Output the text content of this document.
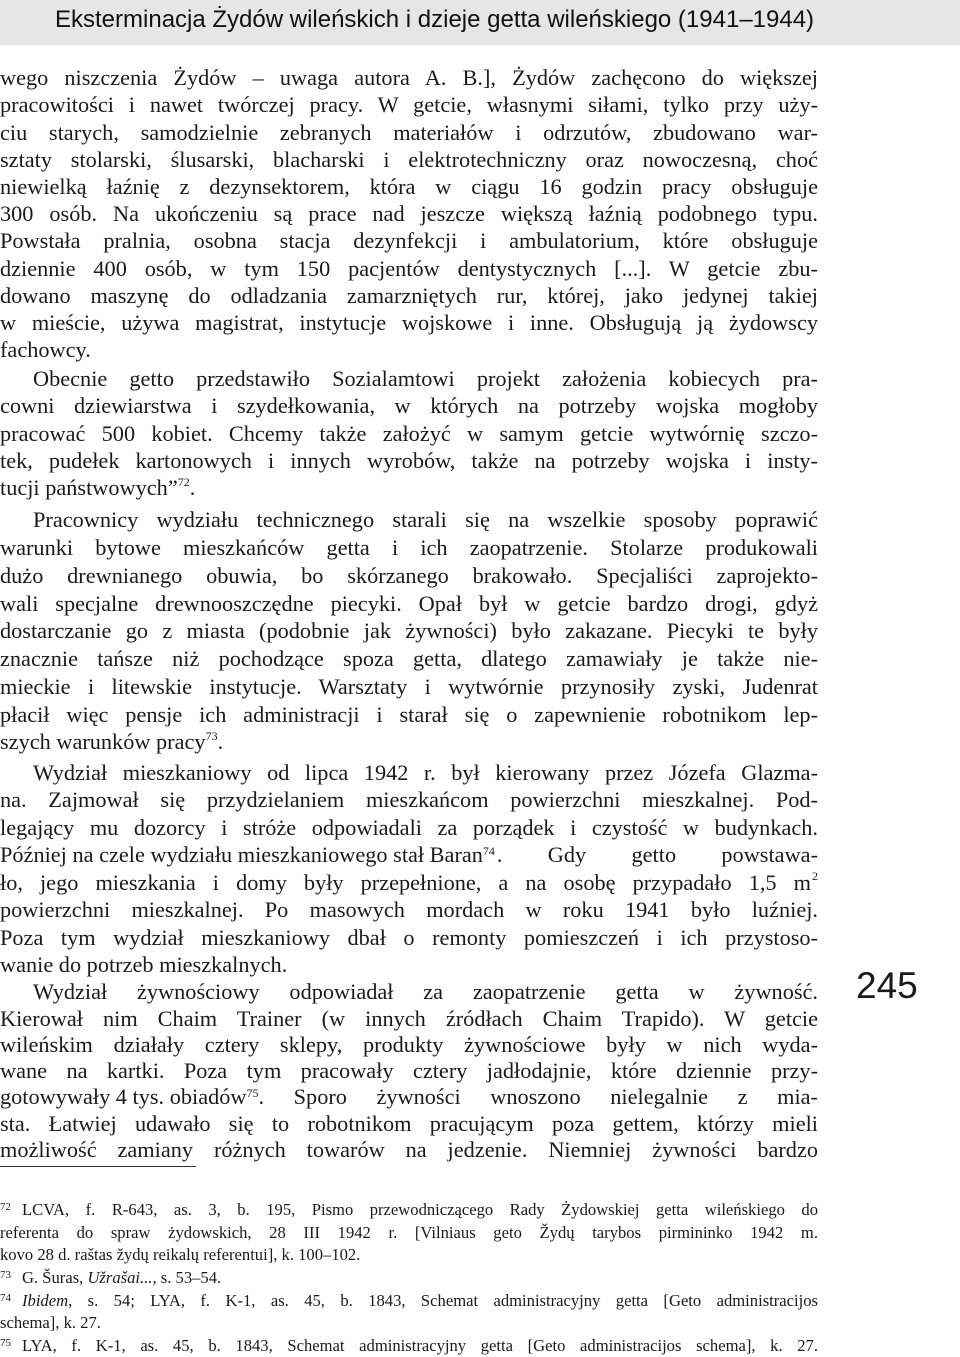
Eksterminacja Żydów wileńskich i dzieje getta wileńskiego (1941–1944)
wego niszczenia Żydów – uwaga autora A. B.], Żydów zachęcono do większej
pracowitości i nawet twórczej pracy. W getcie, własnymi siłami, tylko przy uży-
ciu starych, samodzielnie zebranych materiałów i odrzutów, zbudowano war-
sztaty stolarski, ślusarski, blacharski i elektrotechniczny oraz nowoczesną, choć
niewielką łaźnię z dezynsektorem, która w ciągu 16 godzin pracy obsługuje
300 osób. Na ukończeniu są prace nad jeszcze większą łaźnią podobnego typu.
Powstała pralnia, osobna stacja dezynfekcji i ambulatorium, które obsługuje
dziennie 400 osób, w tym 150 pacjentów dentystycznych [...]. W getcie zbu-
dowano maszynę do odladzania zamarzniętych rur, której, jako jedynej takiej
w mieście, używa magistrat, instytucje wojskowe i inne. Obsługują ją żydowscy
fachowcy.
Obecnie getto przedstawiło Sozialamtowi projekt założenia kobiecych pra-
cowni dziewiarstwa i szydełkowania, w których na potrzeby wojska mogłoby
pracować 500 kobiet. Chcemy także założyć w samym getcie wytwórnię szczo-
tek, pudełek kartonowych i innych wyrobów, także na potrzeby wojska i insty-
tucji państwowych”$^{72}$.
Pracownicy wydziału technicznego starali się na wszelkie sposoby poprawić
warunki bytowe mieszkańców getta i ich zaopatrzenie. Stolarze produkowali
dużo drewnianego obuwia, bo skórzanego brakowało. Specjaliści zaprojekto-
wali specjalne drewnooszczędne piecyki. Opał był w getcie bardzo drogi, gdyż
dostarczanie go z miasta (podobnie jak żywności) było zakazane. Piecyki te były
znacznie tańsze niż pochodzące spoza getta, dlatego zamawiały je także nie-
mieckie i litewskie instytucje. Warsztaty i wytwórnie przynosiły zyski, Judenrat
płacił więc pensje ich administracji i starał się o zapewnienie robotnikom lep-
szych warunków pracy$^{73}$.
Wydział mieszkaniowy od lipca 1942 r. był kierowany przez Józefa Glazma-
na. Zajmował się przydzielaniem mieszkańcom powierzchni mieszkalnej. Pod-
legający mu dozorcy i stróże odpowiadali za porządek i czystość w budynkach.
Później na czele wydziału mieszkaniowego stał Baran$^{74}$ . Gdy getto powstawa-
ło, jego mieszkania i domy były przepełnione, a na osobę przypadało 1,5 $m^2$
powierzchni mieszkalnej. Po masowych mordach w roku 1941 było luźniej.
Poza tym wydział mieszkaniowy dbał o remonty pomieszczeń i ich przystoso-
wanie do potrzeb mieszkalnych.
Wydział żywnościowy odpowiadał za zaopatrzenie getta w żywność.
Kierował nim Chaim Trainer (w innych źródłach Chaim Trapido). W getcie
wileńskim działały cztery sklepy, produkty żywnościowe były w nich wyda-
wane na kartki. Poza tym pracowały cztery jadłodajnie, które dziennie przy-
gotowywały 4 tys. obiadów$^{75}$ . Sporo żywności wnoszono nielegalnie z mia-
sta. Łatwiej udawało się to robotnikom pracującym poza gettem, którzy mieli
możliwość zamiany różnych towarów na jedzenie. Niemniej żywności bardzo
72 LCVA, f. R-643, as. 3, b. 195, Pismo przewodniczącego Rady Żydowskiej getta wileńskiego do
referenta do spraw żydowskich, 28 III 1942 r. [Vilniaus geto Žydų tarybos pirmininko 1942 m.
kovo 28 d. raštas žydų reikalų referentui], k. 100–102.
73 G. Šuras, Užrašai..., s. 53–54.
74 Ibidem , s. 54; LYA, f. K-1, as. 45, b. 1843, Schemat administracyjny getta [Geto administracijos
schema], k. 27.
75 LYA, f. K-1, as. 45, b. 1843, Schemat administracyjny getta [Geto administracijos schema], k. 27.
245
